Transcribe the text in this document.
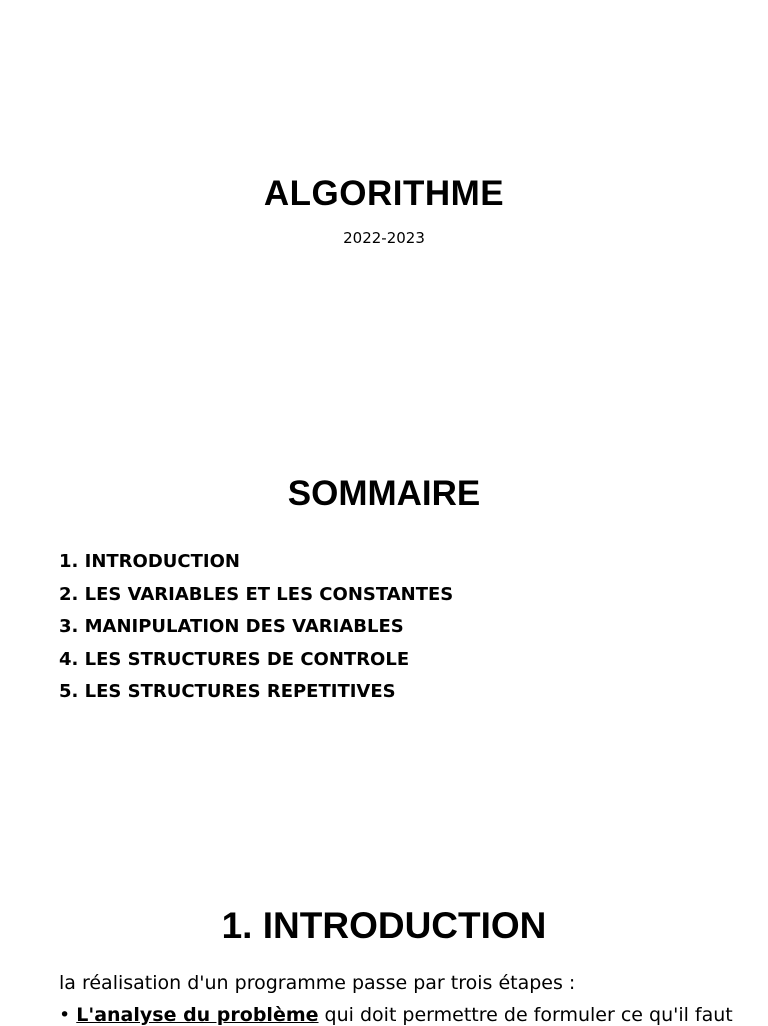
ALGORITHME

2022-2023

SOMMAIRE
1. INTRODUCTION
2. LES VARIABLES ET LES CONSTANTES
3. MANIPULATION DES VARIABLES
4. LES STRUCTURES DE CONTROLE
5. LES STRUCTURES REPETITIVES
1. INTRODUCTION

la réalisation d'un programme passe par trois étapes :

• L'analyse du problème qui doit permettre de formuler ce qu'il faut
